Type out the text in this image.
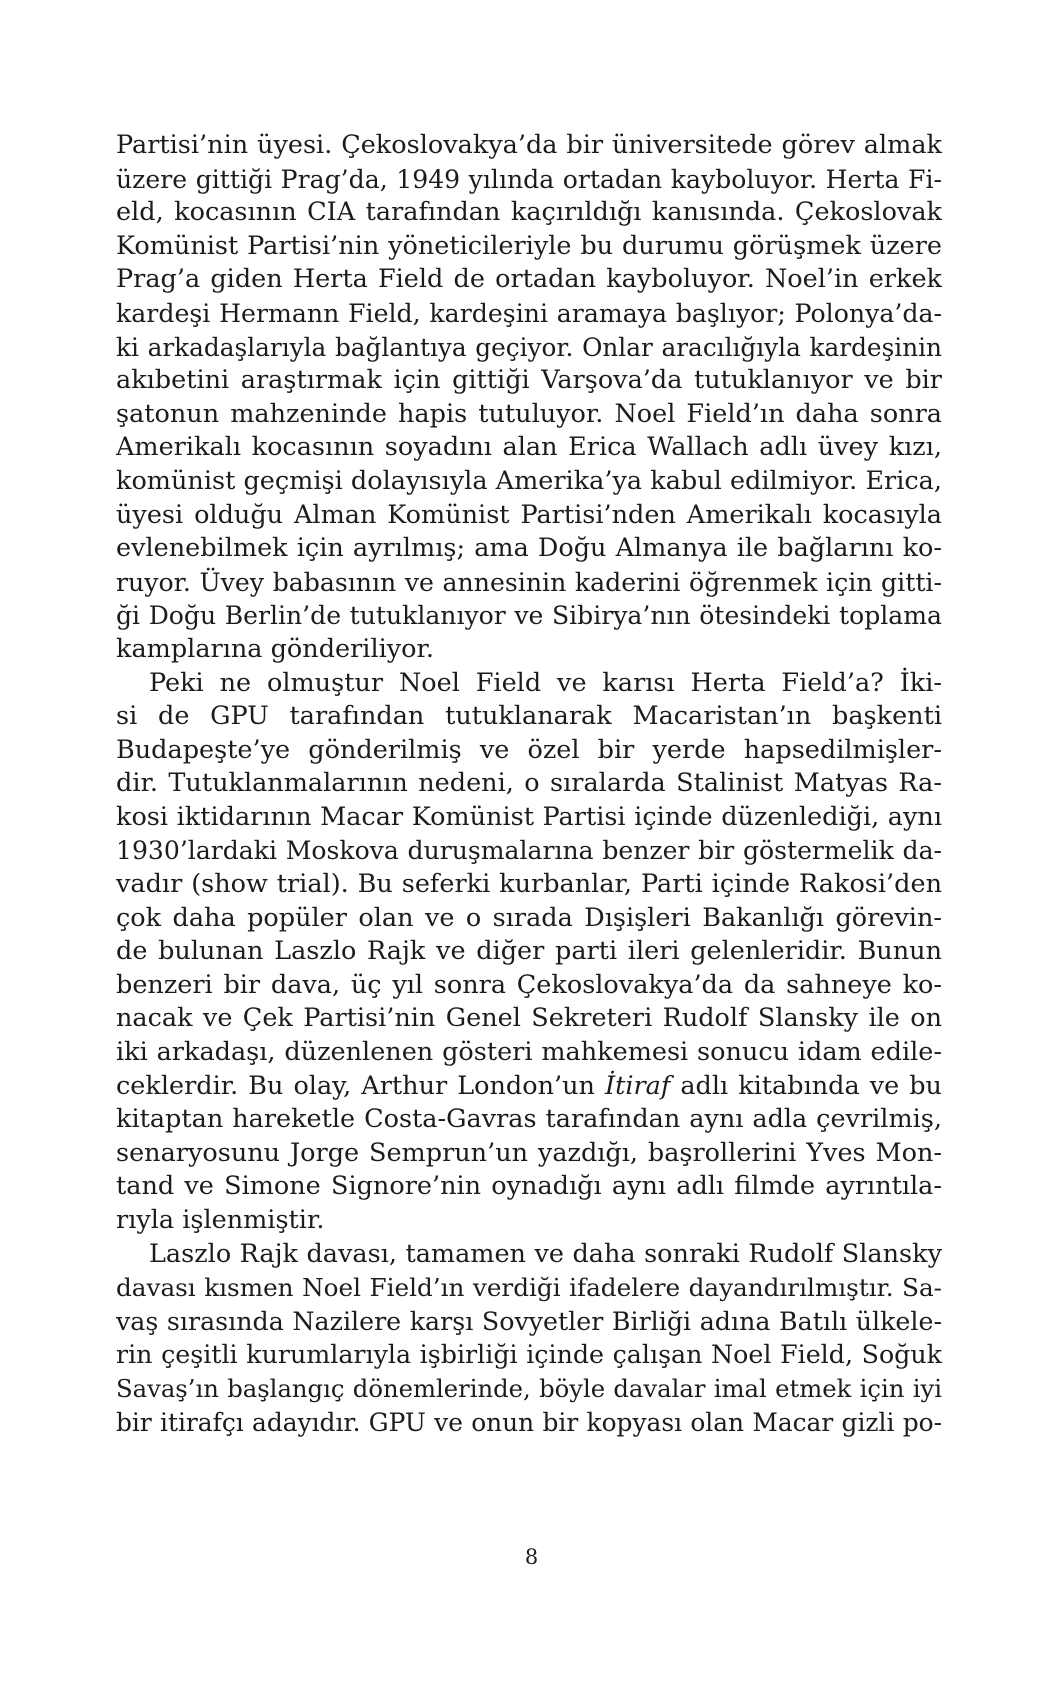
Partisi’nin üyesi. Çekoslovakya’da bir üniversitede görev almak
üzere gittiği Prag’da, 1949 yılında ortadan kayboluyor. Herta Fi-
eld, kocasının CIA tarafından kaçırıldığı kanısında. Çekoslovak
Komünist Partisi’nin yöneticileriyle bu durumu görüşmek üzere
Prag’a giden Herta Field de ortadan kayboluyor. Noel’in erkek
kardeşi Hermann Field, kardeşini aramaya başlıyor; Polonya’da-
ki arkadaşlarıyla bağlantıya geçiyor. Onlar aracılığıyla kardeşinin
akıbetini araştırmak için gittiği Varşova’da tutuklanıyor ve bir
şatonun mahzeninde hapis tutuluyor. Noel Field’ın daha sonra
Amerikalı kocasının soyadını alan Erica Wallach adlı üvey kızı,
komünist geçmişi dolayısıyla Amerika’ya kabul edilmiyor. Erica,
üyesi olduğu Alman Komünist Partisi’nden Amerikalı kocasıyla
evlenebilmek için ayrılmış; ama Doğu Almanya ile bağlarını ko-
ruyor. Üvey babasının ve annesinin kaderini öğrenmek için gitti-
ği Doğu Berlin’de tutuklanıyor ve Sibirya’nın ötesindeki toplama
kamplarına gönderiliyor.
Peki ne olmuştur Noel Field ve karısı Herta Field’a? İki-
si de GPU tarafından tutuklanarak Macaristan’ın başkenti
Budapeşte’ye gönderilmiş ve özel bir yerde hapsedilmişler-
dir. Tutuklanmalarının nedeni, o sıralarda Stalinist Matyas Ra-
kosi iktidarının Macar Komünist Partisi içinde düzenlediği, aynı
1930’lardaki Moskova duruşmalarına benzer bir göstermelik da-
vadır (show trial). Bu seferki kurbanlar, Parti içinde Rakosi’den
çok daha popüler olan ve o sırada Dışişleri Bakanlığı görevin-
de bulunan Laszlo Rajk ve diğer parti ileri gelenleridir. Bunun
benzeri bir dava, üç yıl sonra Çekoslovakya’da da sahneye ko-
nacak ve Çek Partisi’nin Genel Sekreteri Rudolf Slansky ile on
iki arkadaşı, düzenlenen gösteri mahkemesi sonucu idam edile-
ceklerdir. Bu olay, Arthur London’un İtiraf adlı kitabında ve bu
kitaptan hareketle Costa-Gavras tarafından aynı adla çevrilmiş,
senaryosunu Jorge Semprun’un yazdığı, başrollerini Yves Mon-
tand ve Simone Signore’nin oynadığı aynı adlı filmde ayrıntıla-
rıyla işlenmiştir.
Laszlo Rajk davası, tamamen ve daha sonraki Rudolf Slansky
davası kısmen Noel Field’ın verdiği ifadelere dayandırılmıştır. Sa-
vaş sırasında Nazilere karşı Sovyetler Birliği adına Batılı ülkele-
rin çeşitli kurumlarıyla işbirliği içinde çalışan Noel Field, Soğuk
Savaş’ın başlangıç dönemlerinde, böyle davalar imal etmek için iyi
bir itirafçı adayıdır. GPU ve onun bir kopyası olan Macar gizli po-
8
